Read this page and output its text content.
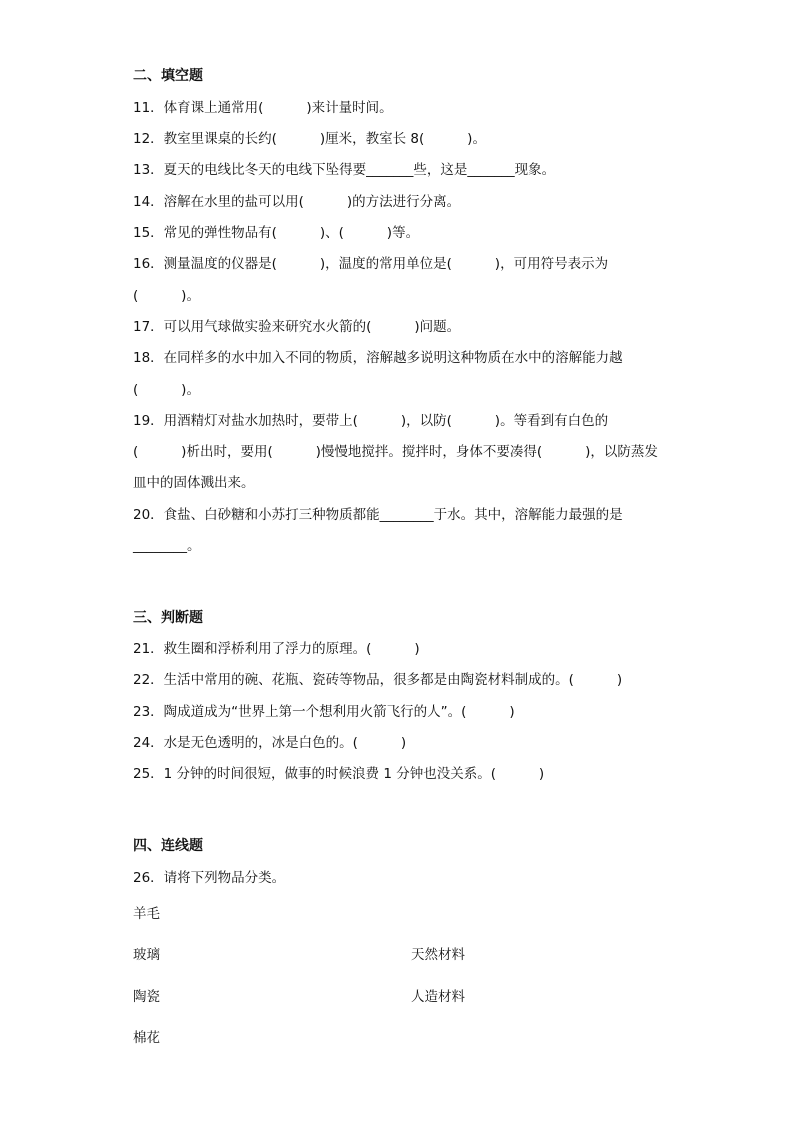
二、填空题
11．体育课上通常用(          )来计量时间。
12．教室里课桌的长约(          )厘米，教室长 8(          )。
13．夏天的电线比冬天的电线下坠得要_______些，这是_______现象。
14．溶解在水里的盐可以用(          )的方法进行分离。
15．常见的弹性物品有(          )、(          )等。
16．测量温度的仪器是(          )，温度的常用单位是(          )，可用符号表示为
(          )。
17．可以用气球做实验来研究水火箭的(          )问题。
18．在同样多的水中加入不同的物质，溶解越多说明这种物质在水中的溶解能力越
(          )。
19．用酒精灯对盐水加热时，要带上(          )，以防(          )。等看到有白色的
(          )析出时，要用(          )慢慢地搅拌。搅拌时，身体不要凑得(          )，以防蒸发
皿中的固体溅出来。
20．食盐、白砂糖和小苏打三种物质都能________于水。其中，溶解能力最强的是
________。
三、判断题
21．救生圈和浮桥利用了浮力的原理。(          )
22．生活中常用的碗、花瓶、瓷砖等物品，很多都是由陶瓷材料制成的。(          )
23．陶成道成为“世界上第一个想利用火箭飞行的人”。(          )
24．水是无色透明的，冰是白色的。(          )
25．1 分钟的时间很短，做事的时候浪费 1 分钟也没关系。(          )
四、连线题
26．请将下列物品分类。
羊毛
玻璃
陶瓷
棉花
天然材料
人造材料
